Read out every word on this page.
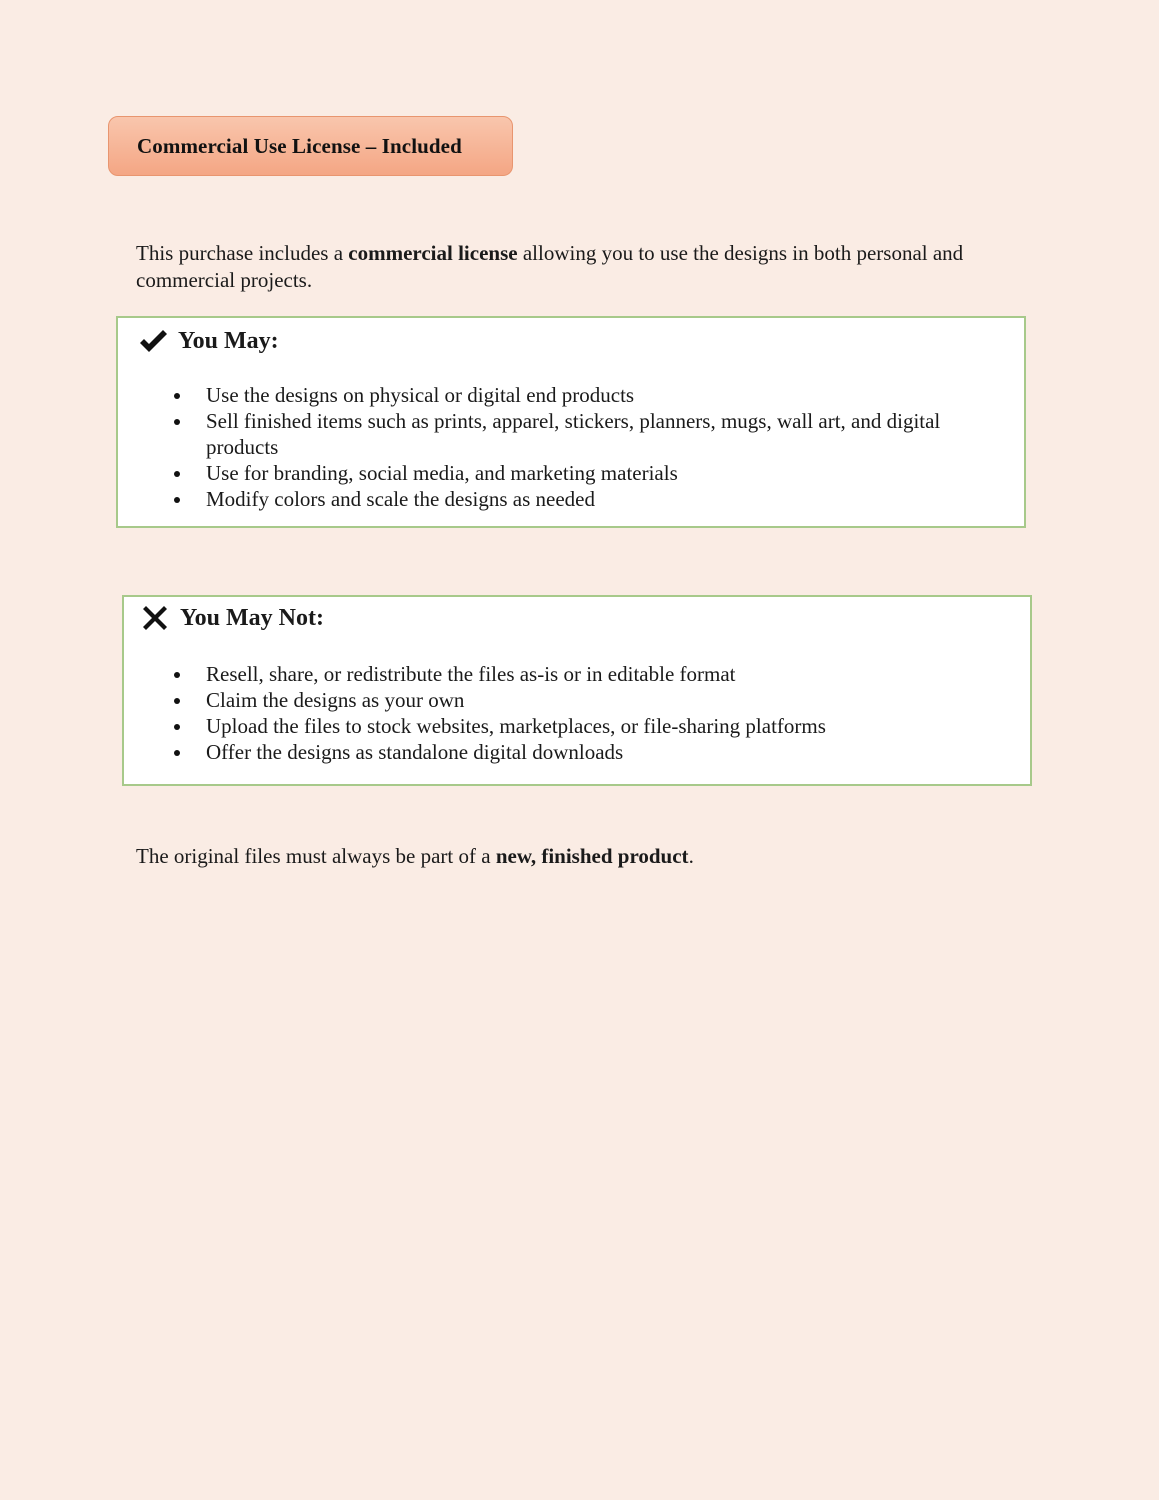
Commercial Use License – Included

This purchase includes a commercial license allowing you to use the designs in both personal and commercial projects.

You May:
Use the designs on physical or digital end products
Sell finished items such as prints, apparel, stickers, planners, mugs, wall art, and digital products
Use for branding, social media, and marketing materials
Modify colors and scale the designs as needed
You May Not:
Resell, share, or redistribute the files as-is or in editable format
Claim the designs as your own
Upload the files to stock websites, marketplaces, or file-sharing platforms
Offer the designs as standalone digital downloads

The original files must always be part of a new, finished product.
